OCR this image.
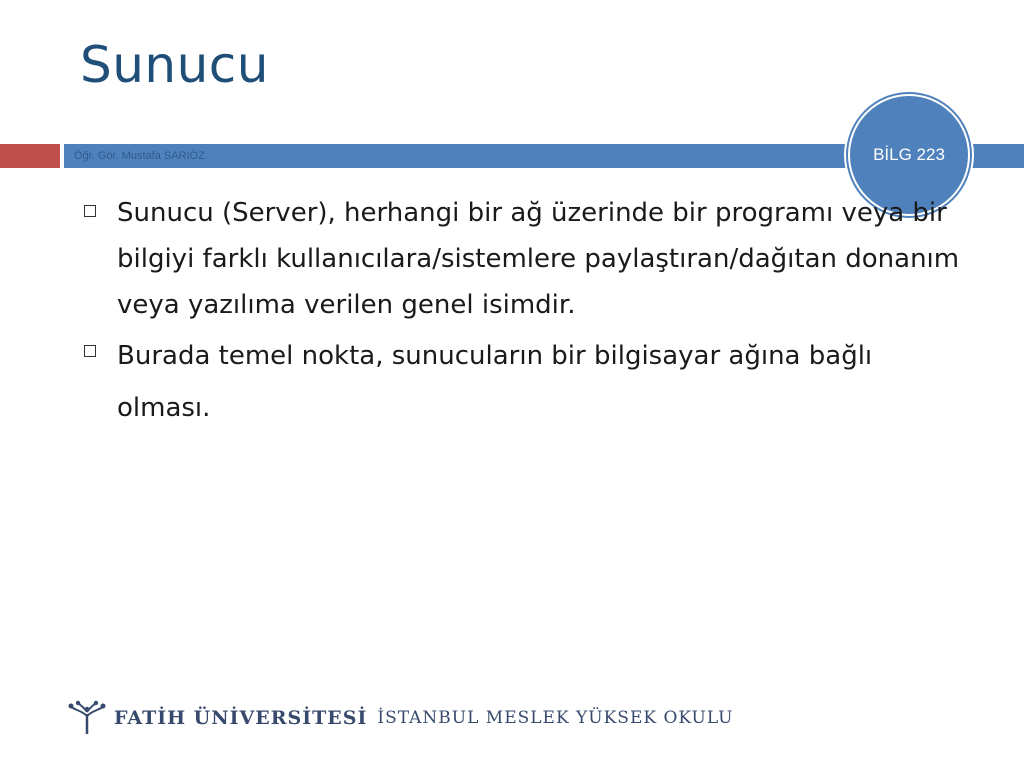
Sunucu
Öğr. Gör. Mustafa SARIÖZ	BİLG 223
Sunucu (Server), herhangi bir ağ üzerinde bir programı veya bir bilgiyi farklı kullanıcılara/sistemlere paylaştıran/dağıtan donanım veya yazılıma verilen genel isimdir.
Burada temel nokta, sunucuların bir bilgisayar ağına bağlı olması.
FATİH ÜNİVERSİTESİ İSTANBUL MESLEK YÜKSEK OKULU
